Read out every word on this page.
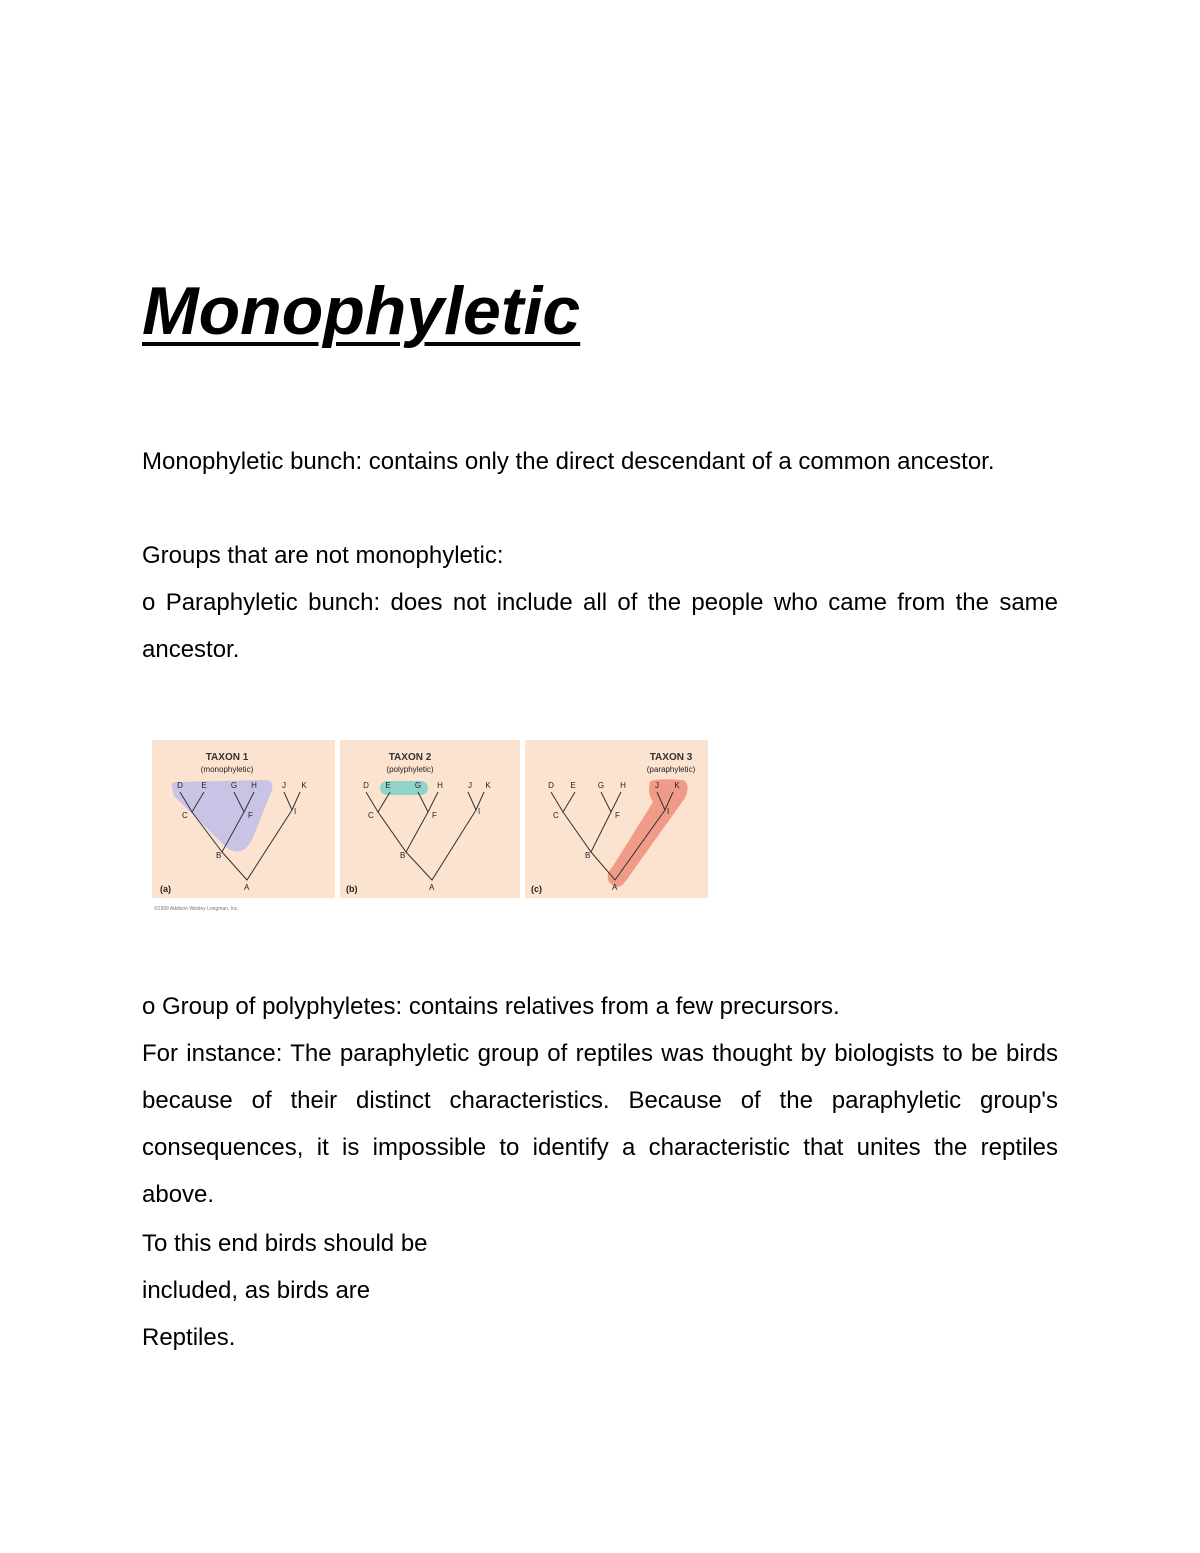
Monophyletic

Monophyletic bunch: contains only the direct descendant of a common ancestor.

Groups that are not monophyletic:

o Paraphyletic bunch: does not include all of the people who came from the same ancestor.

TAXON 1
(monophyletic)
D E	G H	J K
C	F	I
B
A
(a)
TAXON 2
(polyphyletic)
D E	G H	J K
C	F	I
B
A
(b)
TAXON 3
(paraphyletic)
D E	G H	J K
C	F	I
B
A
(c)
©1999 Addison Wesley Longman, Inc.

o Group of polyphyletes: contains relatives from a few precursors.

For instance: The paraphyletic group of reptiles was thought by biologists to be birds because of their distinct characteristics. Because of the paraphyletic group's consequences, it is impossible to identify a characteristic that unites the reptiles above.

To this end birds should be

included, as birds are

Reptiles.
